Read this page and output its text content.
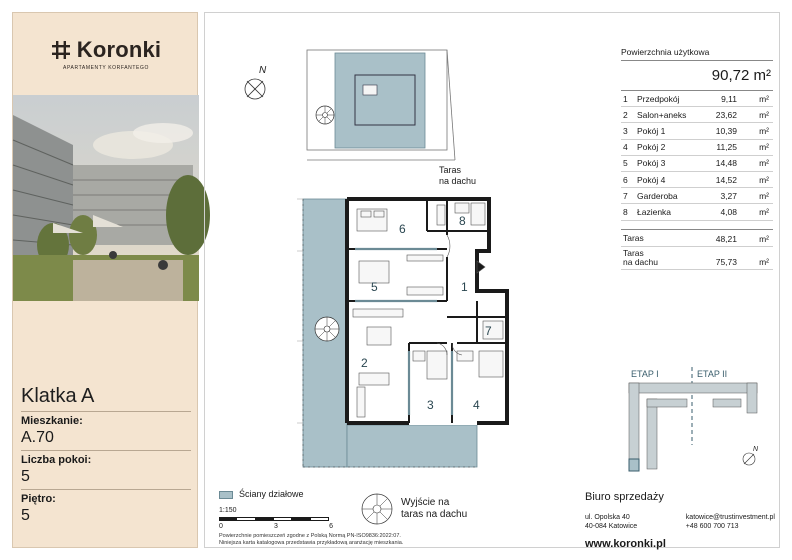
Koronki
APARTAMENTY KORFANTEGO
Klatka A
Mieszkanie:
A.70
Liczba pokoi:
5
Piętro:
5
N
Taras
na dachu
6
8
5	1
7
2
3	4
Powierzchnia użytkowa
90,72 m²
1	Przedpokój	9,11	m²
2	Salon+aneks	23,62	m²
3	Pokój 1	10,39	m²
4	Pokój 2	11,25	m²
5	Pokój 3	14,48	m²
6	Pokój 4	14,52	m²
7	Garderoba	3,27	m²
8	Łazienka	4,08	m²
Taras	48,21	m²
Taras
na dachu	75,73	m²
ETAP I	ETAP II
N
Ściany działowe
1:150
0	3	6
Powierzchnie pomieszczeń zgodne z Polską Normą PN-ISO9836:2022:07.
Niniejsza karta katalogowa przedstawia przykładową aranżację mieszkania.
Wyjście na
taras na dachu
Biuro sprzedaży
ul. Opolska 40
40-084 Katowice
katowice@trustinvestment.pl
+48 600 700 713
www.koronki.pl
